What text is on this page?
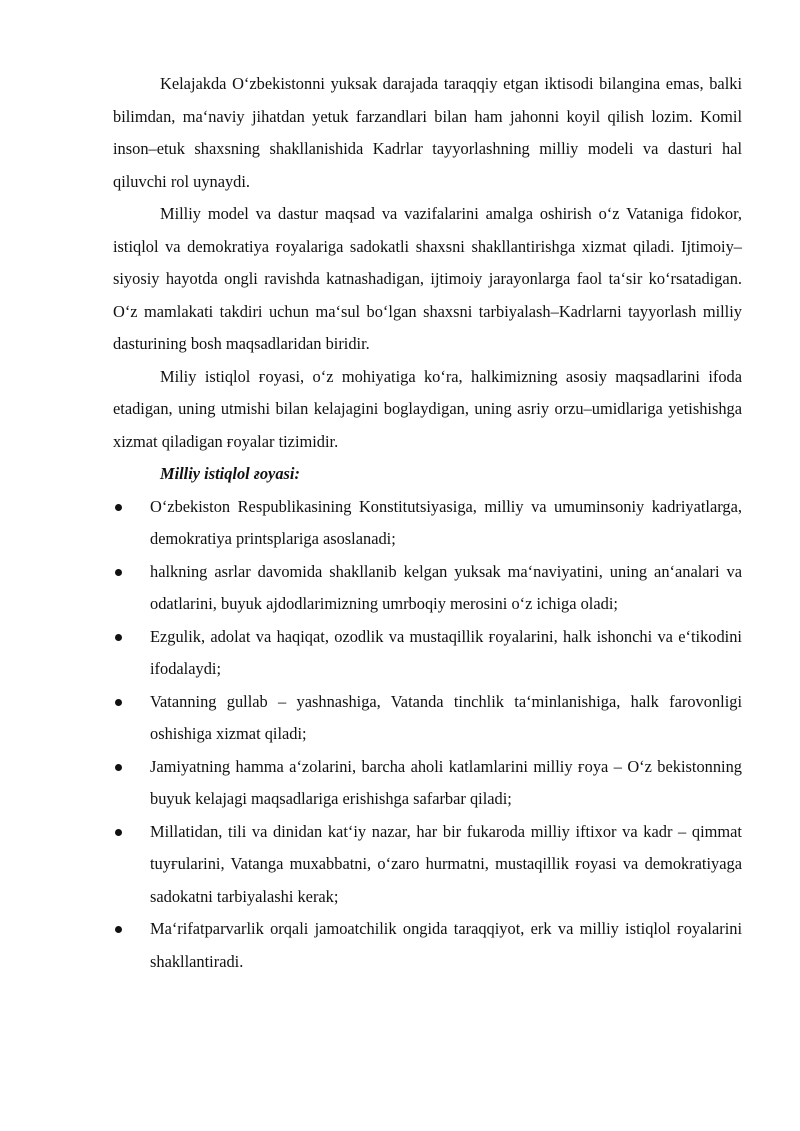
Kelajakda O‘zbekistonni yuksak darajada taraqqiy etgan iktisodi bilangina emas, balki bilimdan, ma‘naviy jihatdan yetuk farzandlari bilan ham jahonni koyil qilish lozim. Komil inson–etuk shaxsning shakllanishida Kadrlar tayyorlashning milliy modeli va dasturi hal qiluvchi rol uynaydi.

Milliy model va dastur maqsad va vazifalarini amalga oshirish o‘z Vataniga fidokor, istiqlol va demokratiya ғoyalariga sadokatli shaxsni shakllantirishga xizmat qiladi. Ijtimoiy–siyosiy hayotda ongli ravishda katnashadigan, ijtimoiy jarayonlarga faol ta‘sir ko‘rsatadigan. O‘z mamlakati takdiri uchun ma‘sul bo‘lgan shaxsni tarbiyalash–Kadrlarni tayyorlash milliy dasturining bosh maqsadlaridan biridir.

Miliy istiqlol ғoyasi, o‘z mohiyatiga ko‘ra, halkimizning asosiy maqsadlarini ifoda etadigan, uning utmishi bilan kelajagini boglaydigan, uning asriy orzu–umidlariga yetishishga xizmat qiladigan ғoyalar tizimidir.

Milliy istiqlol ғoyasi:
O‘zbekiston Respublikasining Konstitutsiyasiga, milliy va umuminsoniy kadriyatlarga, demokratiya printsplariga asoslanadi;
halkning asrlar davomida shakllanib kelgan yuksak ma‘naviyatini, uning an‘analari va odatlarini, buyuk ajdodlarimizning umrboqiy merosini o‘z ichiga oladi;
Ezgulik, adolat va haqiqat, ozodlik va mustaqillik ғoyalarini, halk ishonchi va e‘tikodini ifodalaydi;
Vatanning gullab – yashnashiga, Vatanda tinchlik ta‘minlanishiga, halk farovonligi oshishiga xizmat qiladi;
Jamiyatning hamma a‘zolarini, barcha aholi katlamlarini milliy ғoya – O‘z bekistonning buyuk kelajagi maqsadlariga erishishga safarbar qiladi;
Millatidan, tili va dinidan kat‘iy nazar, har bir fukaroda milliy iftixor va kadr – qimmat tuyғularini, Vatanga muxabbatni, o‘zaro hurmatni, mustaqillik ғoyasi va demokratiyaga sadokatni tarbiyalashi kerak;
Ma‘rifatparvarlik orqali jamoatchilik ongida taraqqiyot, erk va milliy istiqlol ғoyalarini shakllantiradi.
